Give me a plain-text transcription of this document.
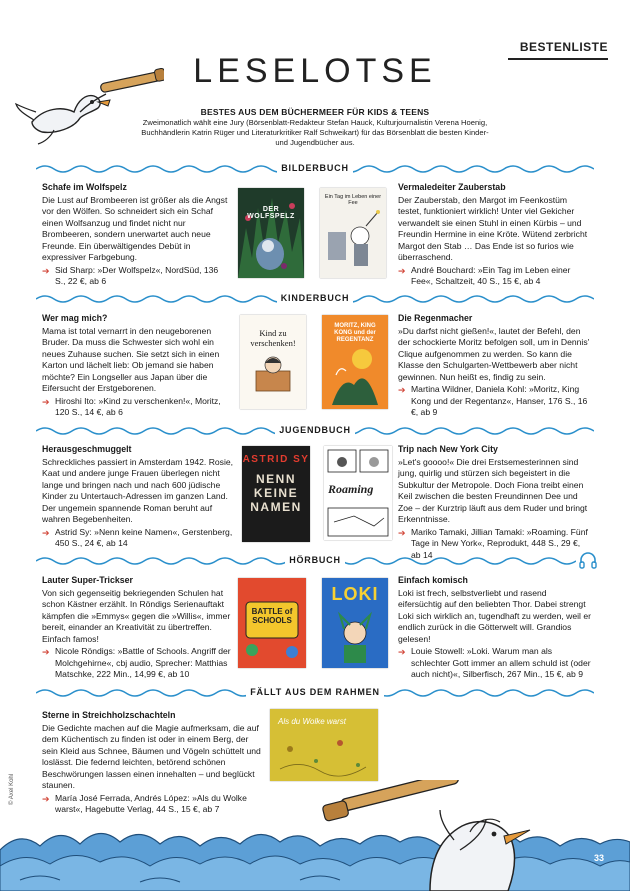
BESTENLISTE
LESELOTSE
BESTES AUS DEM BÜCHERMEER FÜR KIDS & TEENS
Zweimonatlich wählt eine Jury (Börsenblatt-Redakteur Stefan Hauck, Kulturjournalistin Verena Hoenig, Buchhändlerin Katrin Rüger und Literaturkritiker Ralf Schweikart) für das Börsenblatt die besten Kinder- und Jugendbücher aus.
BILDERBUCH
KINDERBUCH
JUGENDBUCH
HÖRBUCH
FÄLLT AUS DEM RAHMEN
Schafe im Wolfspelz

Die Lust auf Brombeeren ist größer als die Angst vor den Wölfen. So schneidert sich ein Schaf einen Wolfsanzug und findet nicht nur Brombeeren, sondern unerwartet auch neue Freunde. Ein überwältigendes Debüt in expressiver Farbgebung.

➔ Sid Sharp: »Der Wolfspelz«, NordSüd, 136 S., 22 €, ab 6
DER WOLFSPELZ
Ein Tag im Leben einer Fee
Vermaledeiter Zauberstab

Der Zauberstab, den Margot im Feenkostüm testet, funktioniert wirklich! Unter viel Gekicher verwandelt sie einen Stuhl in einen Kürbis – und Freundin Hermine in eine Kröte. Wütend zerbricht Margot den Stab … Das Ende ist so furios wie überraschend.

➔ André Bouchard: »Ein Tag im Leben einer Fee«, Schaltzeit, 40 S., 15 €, ab 4
Wer mag mich?

Mama ist total vernarrt in den neugeborenen Bruder. Da muss die Schwester sich wohl ein neues Zuhause suchen. Sie setzt sich in einen Karton und lächelt lieb: Ob jemand sie haben möchte? Ein Longseller aus Japan über die Eifersucht der Erstgeborenen.

➔ Hiroshi Ito: »Kind zu verschenken!«, Moritz, 120 S., 14 €, ab 6
Kind zu verschenken!
MORITZ, KING KONG und der REGENTANZ
Die Regenmacher

»Du darfst nicht gießen!«, lautet der Befehl, den der schockierte Moritz befolgen soll, um in Dennis' Clique aufgenommen zu werden. So kann die Klasse den Schulgarten-Wettbewerb aber nicht gewinnen. Nun heißt es, findig zu sein.

➔ Martina Wildner, Daniela Kohl: »Moritz, King Kong und der Regentanz«, Hanser, 176 S., 16 €, ab 9
Herausgeschmuggelt

Schreckliches passiert in Amsterdam 1942. Rosie, Kaat und andere junge Frauen überlegen nicht lange und bringen nach und nach 600 jüdische Kinder zu Untertauch-Adressen im ganzen Land. Der ungemein spannende Roman beruht auf wahren Begebenheiten.

➔ Astrid Sy: »Nenn keine Namen«, Gerstenberg, 450 S., 24 €, ab 14
ASTRID SY
NENN KEINE NAMEN
Roaming
Trip nach New York City

»Let's goooo!« Die drei Erstsemesterinnen sind jung, quirlig und stürzen sich begeistert in die Subkultur der Metropole. Doch Fiona treibt einen Keil zwischen die besten Freundinnen Dee und Zoe – der Kurztrip läuft aus dem Ruder und bringt Erkenntnisse.

➔ Mariko Tamaki, Jillian Tamaki: »Roaming. Fünf Tage in New York«, Reprodukt, 448 S., 29 €, ab 14
Lauter Super-Trickser

Von sich gegenseitig bekriegenden Schulen hat schon Kästner erzählt. In Röndigs Serienauftakt kämpfen die »Emmys« gegen die »Willis«, immer bereit, einander an Kreativität zu übertreffen. Einfach famos!

➔ Nicole Röndigs: »Battle of Schools. Angriff der Molchgehirne«, cbj audio, Sprecher: Matthias Matschke, 222 Min., 14,99 €, ab 10
BATTLE of SCHOOLS
LOKI
Einfach komisch

Loki ist frech, selbstverliebt und rasend eifersüchtig auf den beliebten Thor. Dabei strengt Loki sich wirklich an, tugendhaft zu werden, weil er endlich zurück in die Götterwelt will. Grandios gelesen!

➔ Louie Stowell: »Loki. Warum man als schlechter Gott immer an allem schuld ist (oder auch nicht)«, Silberfisch, 267 Min., 15 €, ab 9
Sterne in Streichholzschachteln

Die Gedichte machen auf die Magie aufmerksam, die auf dem Küchentisch zu finden ist oder in einem Berg, der sein Kleid aus Schnee, Bäumen und Vögeln schüttelt und loslässt. Die federnd leichten, betörend schönen Beschwörungen lassen einen innehalten – und beglückt staunen.

➔ María José Ferrada, Andrés López: »Als du Wolke warst«, Hagebutte Verlag, 44 S., 15 €, ab 7
Als du Wolke warst
© Axel Kohl
33
